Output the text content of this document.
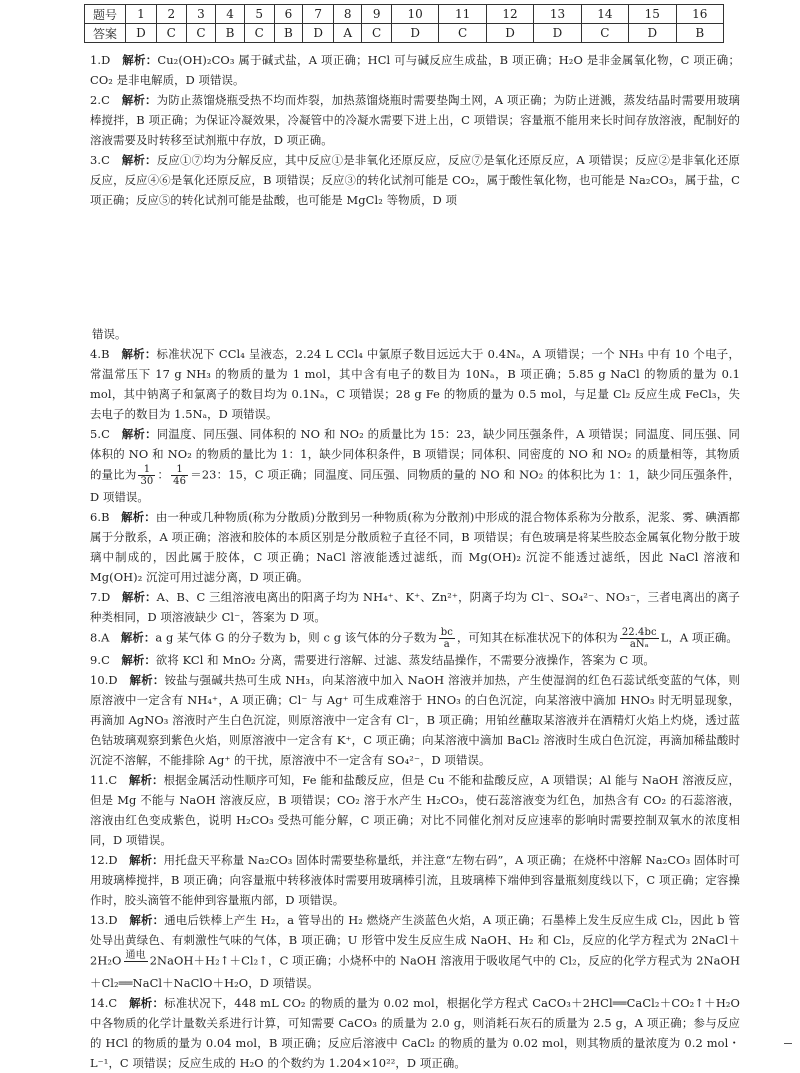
题号	1	2	3	4	5	6	7	8	9	10	11	12	13	14	15	16
答案	D	C	C	B	C	B	D	A	C	D	C	D	D	C	D	B

1.D　 解析：Cu₂(OH)₂CO₃ 属于碱式盐，A 项正确；HCl 可与碱反应生成盐，B 项正确；H₂O 是非金属氧化物，C 项正确；CO₂ 是非电解质，D 项错误。

2.C　 解析：为防止蒸馏烧瓶受热不均而炸裂，加热蒸馏烧瓶时需要垫陶土网，A 项正确；为防止迸溅，蒸发结晶时需要用玻璃棒搅拌，B 项正确；为保证冷凝效果，冷凝管中的冷凝水需要下进上出，C 项错误；容量瓶不能用来长时间存放溶液，配制好的溶液需要及时转移至试剂瓶中存放，D 项正确。

3.C　 解析：反应①⑦均为分解反应，其中反应①是非氧化还原反应，反应⑦是氧化还原反应，A 项错误；反应②是非氧化还原反应，反应④⑥是氧化还原反应，B 项错误；反应③的转化试剂可能是 CO₂，属于酸性氧化物，也可能是 Na₂CO₃，属于盐，C 项正确；反应⑤的转化试剂可能是盐酸，也可能是 MgCl₂ 等物质，D 项

错误。

4.B　 解析：标准状况下 CCl₄ 呈液态，2.24 L CCl₄ 中氯原子数目远远大于 0.4Nₐ，A 项错误；一个 NH₃ 中有 10 个电子，常温常压下 17 g NH₃ 的物质的量为 1 mol，其中含有电子的数目为 10Nₐ，B 项正确；5.85 g NaCl 的物质的量为 0.1 mol，其中钠离子和氯离子的数目均为 0.1Nₐ，C 项错误；28 g Fe 的物质的量为 0.5 mol，与足量 Cl₂ 反应生成 FeCl₃，失去电子的数目为 1.5Nₐ，D 项错误。

5.C　 解析：同温度、同压强、同体积的 NO 和 NO₂ 的质量比为 15：23，缺少同压强条件，A 项错误；同温度、同压强、同体积的 NO 和 NO₂ 的物质的量比为 1：1，缺少同体积条件，B 项错误；同体积、同密度的 NO 和 NO₂ 的质量相等，其物质的量比为 $\frac{1}{30}$ ： $\frac{1}{46} =23$：15，C 项正确；同温度、同压强、同物质的量的 NO 和 NO₂ 的体积比为 1：1，缺少同压强条件，D 项错误。

6.B　 解析：由一种或几种物质(称为分散质)分散到另一种物质(称为分散剂)中形成的混合物体系称为分散系，泥浆、雾、碘酒都属于分散系，A 项正确；溶液和胶体的本质区别是分散质粒子直径不同，B 项错误；有色玻璃是将某些胶态金属氧化物分散于玻璃中制成的，因此属于胶体，C 项正确；NaCl 溶液能透过滤纸，而 Mg(OH)₂ 沉淀不能透过滤纸，因此 NaCl 溶液和 Mg(OH)₂ 沉淀可用过滤分离，D 项正确。

7.D　 解析：A、B、C 三组溶液电离出的阳离子均为 NH₄⁺、K⁺、Zn²⁺，阴离子均为 Cl⁻、SO₄²⁻、NO₃⁻，三者电离出的离子种类相同，D 项溶液缺少 Cl⁻，答案为 D 项。

8.A　 解析：a g 某气体 G 的分子数为 b，则 c g 该气体的分子数为 $\frac{bc}{a}$ ，可知其在标准状况下的体积为 $\frac{22.4bc}{\text{aNₐ}}$ L，A 项正确。

9.C　 解析：欲将 KCl 和 MnO₂ 分离，需要进行溶解、过滤、蒸发结晶操作，不需要分液操作，答案为 C 项。

10.D　 解析：铵盐与强碱共热可生成 NH₃，向某溶液中加入 NaOH 溶液并加热，产生使湿润的红色石蕊试纸变蓝的气体，则原溶液中一定含有 NH₄⁺，A 项正确；Cl⁻ 与 Ag⁺ 可生成难溶于 HNO₃ 的白色沉淀，向某溶液中滴加 HNO₃ 时无明显现象，再滴加 AgNO₃ 溶液时产生白色沉淀，则原溶液中一定含有 Cl⁻，B 项正确；用铂丝蘸取某溶液并在酒精灯火焰上灼烧，透过蓝色钴玻璃观察到紫色火焰，则原溶液中一定含有 K⁺，C 项正确；向某溶液中滴加 BaCl₂ 溶液时生成白色沉淀，再滴加稀盐酸时沉淀不溶解，不能排除 Ag⁺ 的干扰，原溶液中不一定含有 SO₄²⁻，D 项错误。

11.C　 解析：根据金属活动性顺序可知，Fe 能和盐酸反应，但是 Cu 不能和盐酸反应，A 项错误；Al 能与 NaOH 溶液反应，但是 Mg 不能与 NaOH 溶液反应，B 项错误；CO₂ 溶于水产生 H₂CO₃，使石蕊溶液变为红色，加热含有 CO₂ 的石蕊溶液，溶液由红色变成紫色，说明 H₂CO₃ 受热可能分解，C 项正确；对比不同催化剂对反应速率的影响时需要控制双氧水的浓度相同，D 项错误。

12.D　 解析：用托盘天平称量 Na₂CO₃ 固体时需要垫称量纸，并注意“左物右码”，A 项正确；在烧杯中溶解 Na₂CO₃ 固体时可用玻璃棒搅拌，B 项正确；向容量瓶中转移液体时需要用玻璃棒引流，且玻璃棒下端伸到容量瓶刻度线以下，C 项正确；定容操作时，胶头滴管不能伸到容量瓶内部，D 项错误。

13.D　 解析：通电后铁棒上产生 H₂，a 管导出的 H₂ 燃烧产生淡蓝色火焰，A 项正确；石墨棒上发生反应生成 Cl₂，因此 b 管处导出黄绿色、有刺激性气味的气体，B 项正确；U 形管中发生反应生成 NaOH、H₂ 和 Cl₂，反应的化学方程式为 2NaCl＋2H₂O 通电
2NaOH＋H₂↑＋Cl₂↑，C 项正确；小烧杯中的 NaOH 溶液用于吸收尾气中的 Cl₂，反应的化学方程式为 2NaOH＋Cl₂══NaCl＋NaClO＋H₂O，D 项错误。

14.C　 解析：标准状况下，448 mL CO₂ 的物质的量为 0.02 mol，根据化学方程式 CaCO₃＋2HCl══CaCl₂＋CO₂↑＋H₂O 中各物质的化学计量数关系进行计算，可知需要 CaCO₃ 的质量为 2.0 g，则消耗石灰石的质量为 2.5 g，A 项正确；参与反应的 HCl 的物质的量为 0.04 mol，B 项正确；反应后溶液中 CaCl₂ 的物质的量为 0.02 mol，则其物质的量浓度为 0.2 mol・L⁻¹，C 项错误；反应生成的 H₂O 的个数约为 1.204×10²²，D 项正确。
